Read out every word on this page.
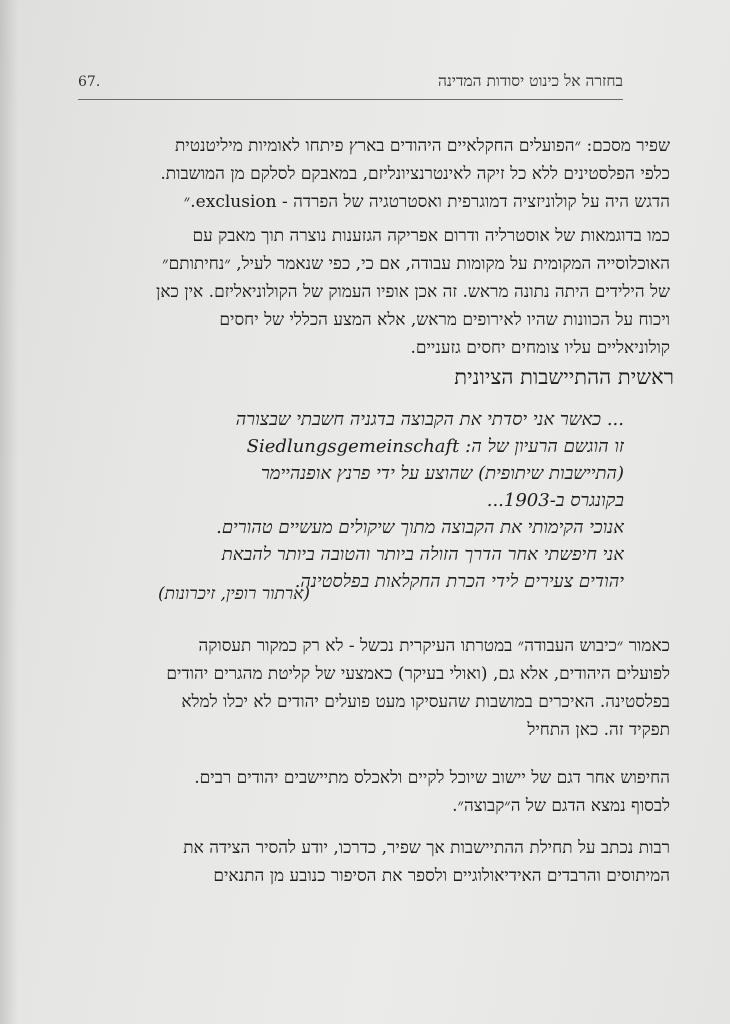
בחזרה אל כינוט יסודות המדינה
67.
שפיר מסכם: ״הפועלים החקלאיים היהודים בארץ פיתחו לאומיות מיליטנטית
כלפי הפלסטינים ללא כל זיקה לאינטרנציונליזם, במאבקם לסלקם מן המושבות.
הדגש היה על קולוניזציה דמוגרפית ואסטרטגיה של הפרדה - exclusion.״
כמו בדוגמאות של אוסטרליה ודרום אפריקה הגזענות נוצרה תוך מאבק עם
האוכלוסייה המקומית על מקומות עבודה, אם כי, כפי שנאמר לעיל, ״נחיתותם״
של הילידים היתה נתונה מראש. זה אכן אופיו העמוק של הקולוניאליזם. אין כאן
ויכוח על הכוונות שהיו לאירופים מראש, אלא המצע הכללי של יחסים
קולוניאליים עליו צומחים יחסים גזעניים.
ראשית ההתיישבות הציונית
... כאשר אני יסדתי את הקבוצה בדגניה חשבתי שבצורה
זו הוגשם הרעיון של ה: Siedlungsgemeinschaft
(התיישבות שיתופית) שהוצע על ידי פרנץ אופנהיימר
בקונגרס ב-1903...
אנוכי הקימותי את הקבוצה מתוך שיקולים מעשיים טהורים.
אני חיפשתי אחר הדרך הזולה ביותר והטובה ביותר להבאת
יהודים צעירים לידי הכרת החקלאות בפלסטינה.
(ארתור רופין, זיכרונות)
כאמור ״כיבוש העבודה״ במטרתו העיקרית נכשל - לא רק כמקור תעסוקה
לפועלים היהודים, אלא גם, (ואולי בעיקר) כאמצעי של קליטת מהגרים יהודים
בפלסטינה. האיכרים במושבות שהעסיקו מעט פועלים יהודים לא יכלו למלא
תפקיד זה. כאן התחיל
החיפוש אחר דגם של יישוב שיוכל לקיים ולאכלס מתיישבים יהודים רבים.
לבסוף נמצא הדגם של ה״קבוצה״.
רבות נכתב על תחילת ההתיישבות אך שפיר, כדרכו, יודע להסיר הצידה את
המיתוסים והרבדים האידיאולוגיים ולספר את הסיפור כנובע מן התנאים
